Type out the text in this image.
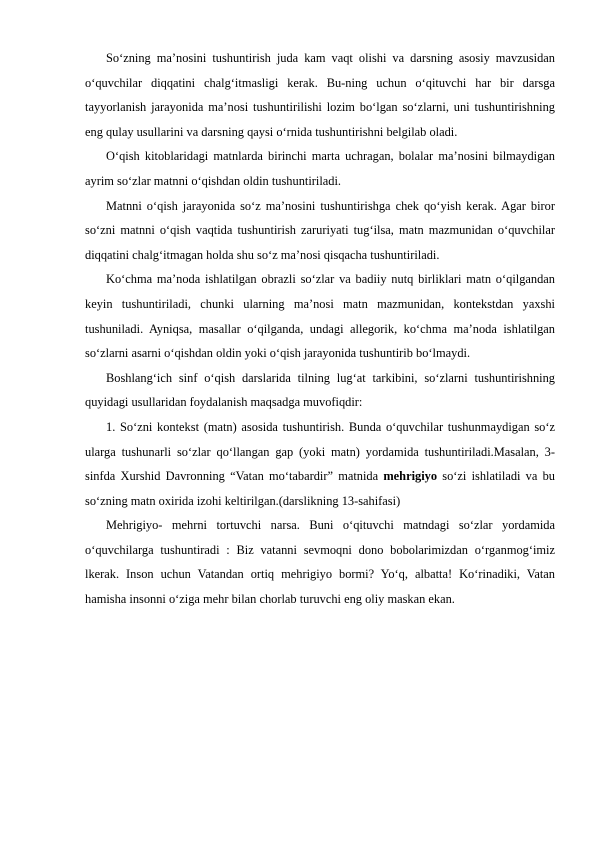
So‘zning ma’nosini tushuntirish juda kam vaqt olishi va darsning asosiy mavzusidan o‘quvchilar diqqatini chalg‘itmasligi kerak. Bu-ning uchun o‘qituvchi har bir darsga tayyorlanish jarayonida ma’nosi tushuntirilishi lozim bo‘lgan so‘zlarni, uni tushuntirishning eng qulay usullarini va darsning qaysi o‘rnida tushuntirishni belgilab oladi.

O‘qish kitoblaridagi matnlarda birinchi marta uchragan, bolalar ma’nosini bilmaydigan ayrim so‘zlar matnni o‘qishdan oldin tushuntiriladi.

Matnni o‘qish jarayonida so‘z ma’nosini tushuntirishga chek qo‘yish kerak. Agar biror so‘zni matnni o‘qish vaqtida tushuntirish zaruriyati tug‘ilsa, matn mazmunidan o‘quvchilar diqqatini chalg‘itmagan holda shu so‘z ma’nosi qisqacha tushuntiriladi.

Ko‘chma ma’noda ishlatilgan obrazli so‘zlar va badiiy nutq birliklari matn o‘qilgandan keyin tushuntiriladi, chunki ularning ma’nosi matn mazmunidan, kontekstdan yaxshi tushuniladi. Ayniqsa, masallar o‘qilganda, undagi allegorik, ko‘chma ma’noda ishlatilgan so‘zlarni asarni o‘qishdan oldin yoki o‘qish jarayonida tushuntirib bo‘lmaydi.

Boshlang‘ich sinf o‘qish darslarida tilning lug‘at tarkibini, so‘zlarni tushuntirishning quyidagi usullaridan foydalanish maqsadga muvofiqdir:

1. So‘zni kontekst (matn) asosida tushuntirish. Bunda o‘quvchilar tushunmaydigan so‘z ularga tushunarli so‘zlar qo‘llangan gap (yoki matn) yordamida tushuntiriladi.Masalan, 3-sinfda Xurshid Davronning “Vatan mo‘tabardir” matnida mehrigiyo so‘zi ishlatiladi va bu so‘zning matn oxirida izohi keltirilgan.(darslikning 13-sahifasi)

Mehrigiyo- mehrni tortuvchi narsa. Buni o‘qituvchi matndagi so‘zlar yordamida o‘quvchilarga tushuntiradi : Biz vatanni sevmoqni dono bobolarimizdan o‘rganmog‘imiz lkerak. Inson uchun Vatandan ortiq mehrigiyo bormi? Yo‘q, albatta! Ko‘rinadiki, Vatan hamisha insonni o‘ziga mehr bilan chorlab turuvchi eng oliy maskan ekan.
